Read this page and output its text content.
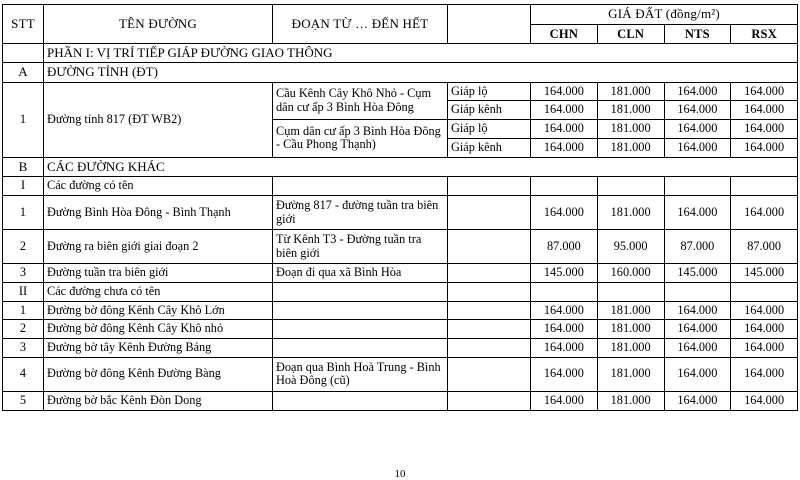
STT	TÊN ĐƯỜNG	ĐOẠN TỪ … ĐẾN HẾT		GIÁ ĐẤT (đồng/m²)			
				CHN	CLN	NTS	RSX
	PHẦN I: VỊ TRÍ TIẾP GIÁP ĐƯỜNG GIAO THÔNG						
A	ĐƯỜNG TỈNH (ĐT)						
1	Đường tỉnh 817 (ĐT WB2)	Cầu Kênh Cây Khô Nhỏ - Cụm dân cư ấp 3 Bình Hòa Đông	Giáp lộ	164.000	181.000	164.000	164.000
			Giáp kênh	164.000	181.000	164.000	164.000
		Cụm dân cư ấp 3 Bình Hòa Đông - Cầu Phong Thạnh)	Giáp lộ	164.000	181.000	164.000	164.000
			Giáp kênh	164.000	181.000	164.000	164.000
B	CÁC ĐƯỜNG KHÁC						
I	Các đường có tên						
1	Đường Bình Hòa Đông - Bình Thạnh	Đường 817 - đường tuần tra biên giới		164.000	181.000	164.000	164.000
2	Đường ra biên giới giai đoạn 2	Từ Kênh T3 - Đường tuần tra biên giới		87.000	95.000	87.000	87.000
3	Đường tuần tra biên giới	Đoạn đi qua xã Bình Hòa		145.000	160.000	145.000	145.000
II	Các đường chưa có tên						
1	Đường bờ đông Kênh Cây Khô Lớn			164.000	181.000	164.000	164.000
2	Đường bờ đông Kênh Cây Khô nhỏ			164.000	181.000	164.000	164.000
3	Đường bờ tây Kênh Đường Bảng			164.000	181.000	164.000	164.000
4	Đường bờ đông Kênh Đường Bàng	Đoạn qua Bình Hoà Trung - Bình Hoà Đông (cũ)		164.000	181.000	164.000	164.000
5	Đường bờ bắc Kênh Đòn Dong			164.000	181.000	164.000	164.000
10
